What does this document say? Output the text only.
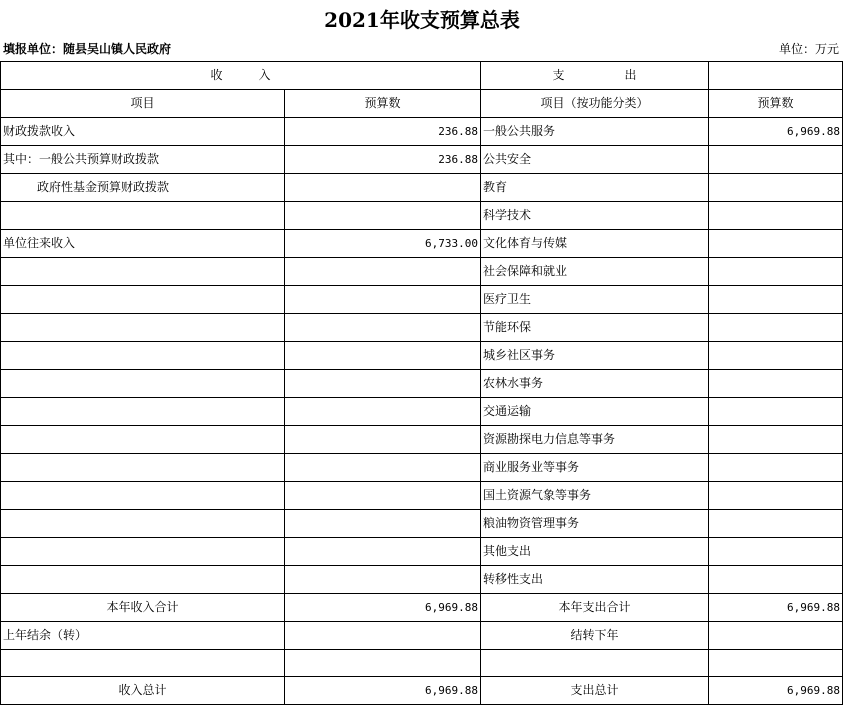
2021年收支预算总表
填报单位：随县吴山镇人民政府	单位：万元
收　　　入		支　　　　　出	
项目	预算数	项目（按功能分类）	预算数
财政拨款收入	236.88	一般公共服务	6,969.88
其中：一般公共预算财政拨款	236.88	公共安全	
政府性基金预算财政拨款		教育	
		科学技术	
单位往来收入	6,733.00	文化体育与传媒	
		社会保障和就业	
		医疗卫生	
		节能环保	
		城乡社区事务	
		农林水事务	
		交通运输	
		资源勘探电力信息等事务	
		商业服务业等事务	
		国土资源气象等事务	
		粮油物资管理事务	
		其他支出	
		转移性支出	
本年收入合计	6,969.88	本年支出合计	6,969.88
上年结余（转）		结转下年	

收入总计	6,969.88	支出总计	6,969.88
